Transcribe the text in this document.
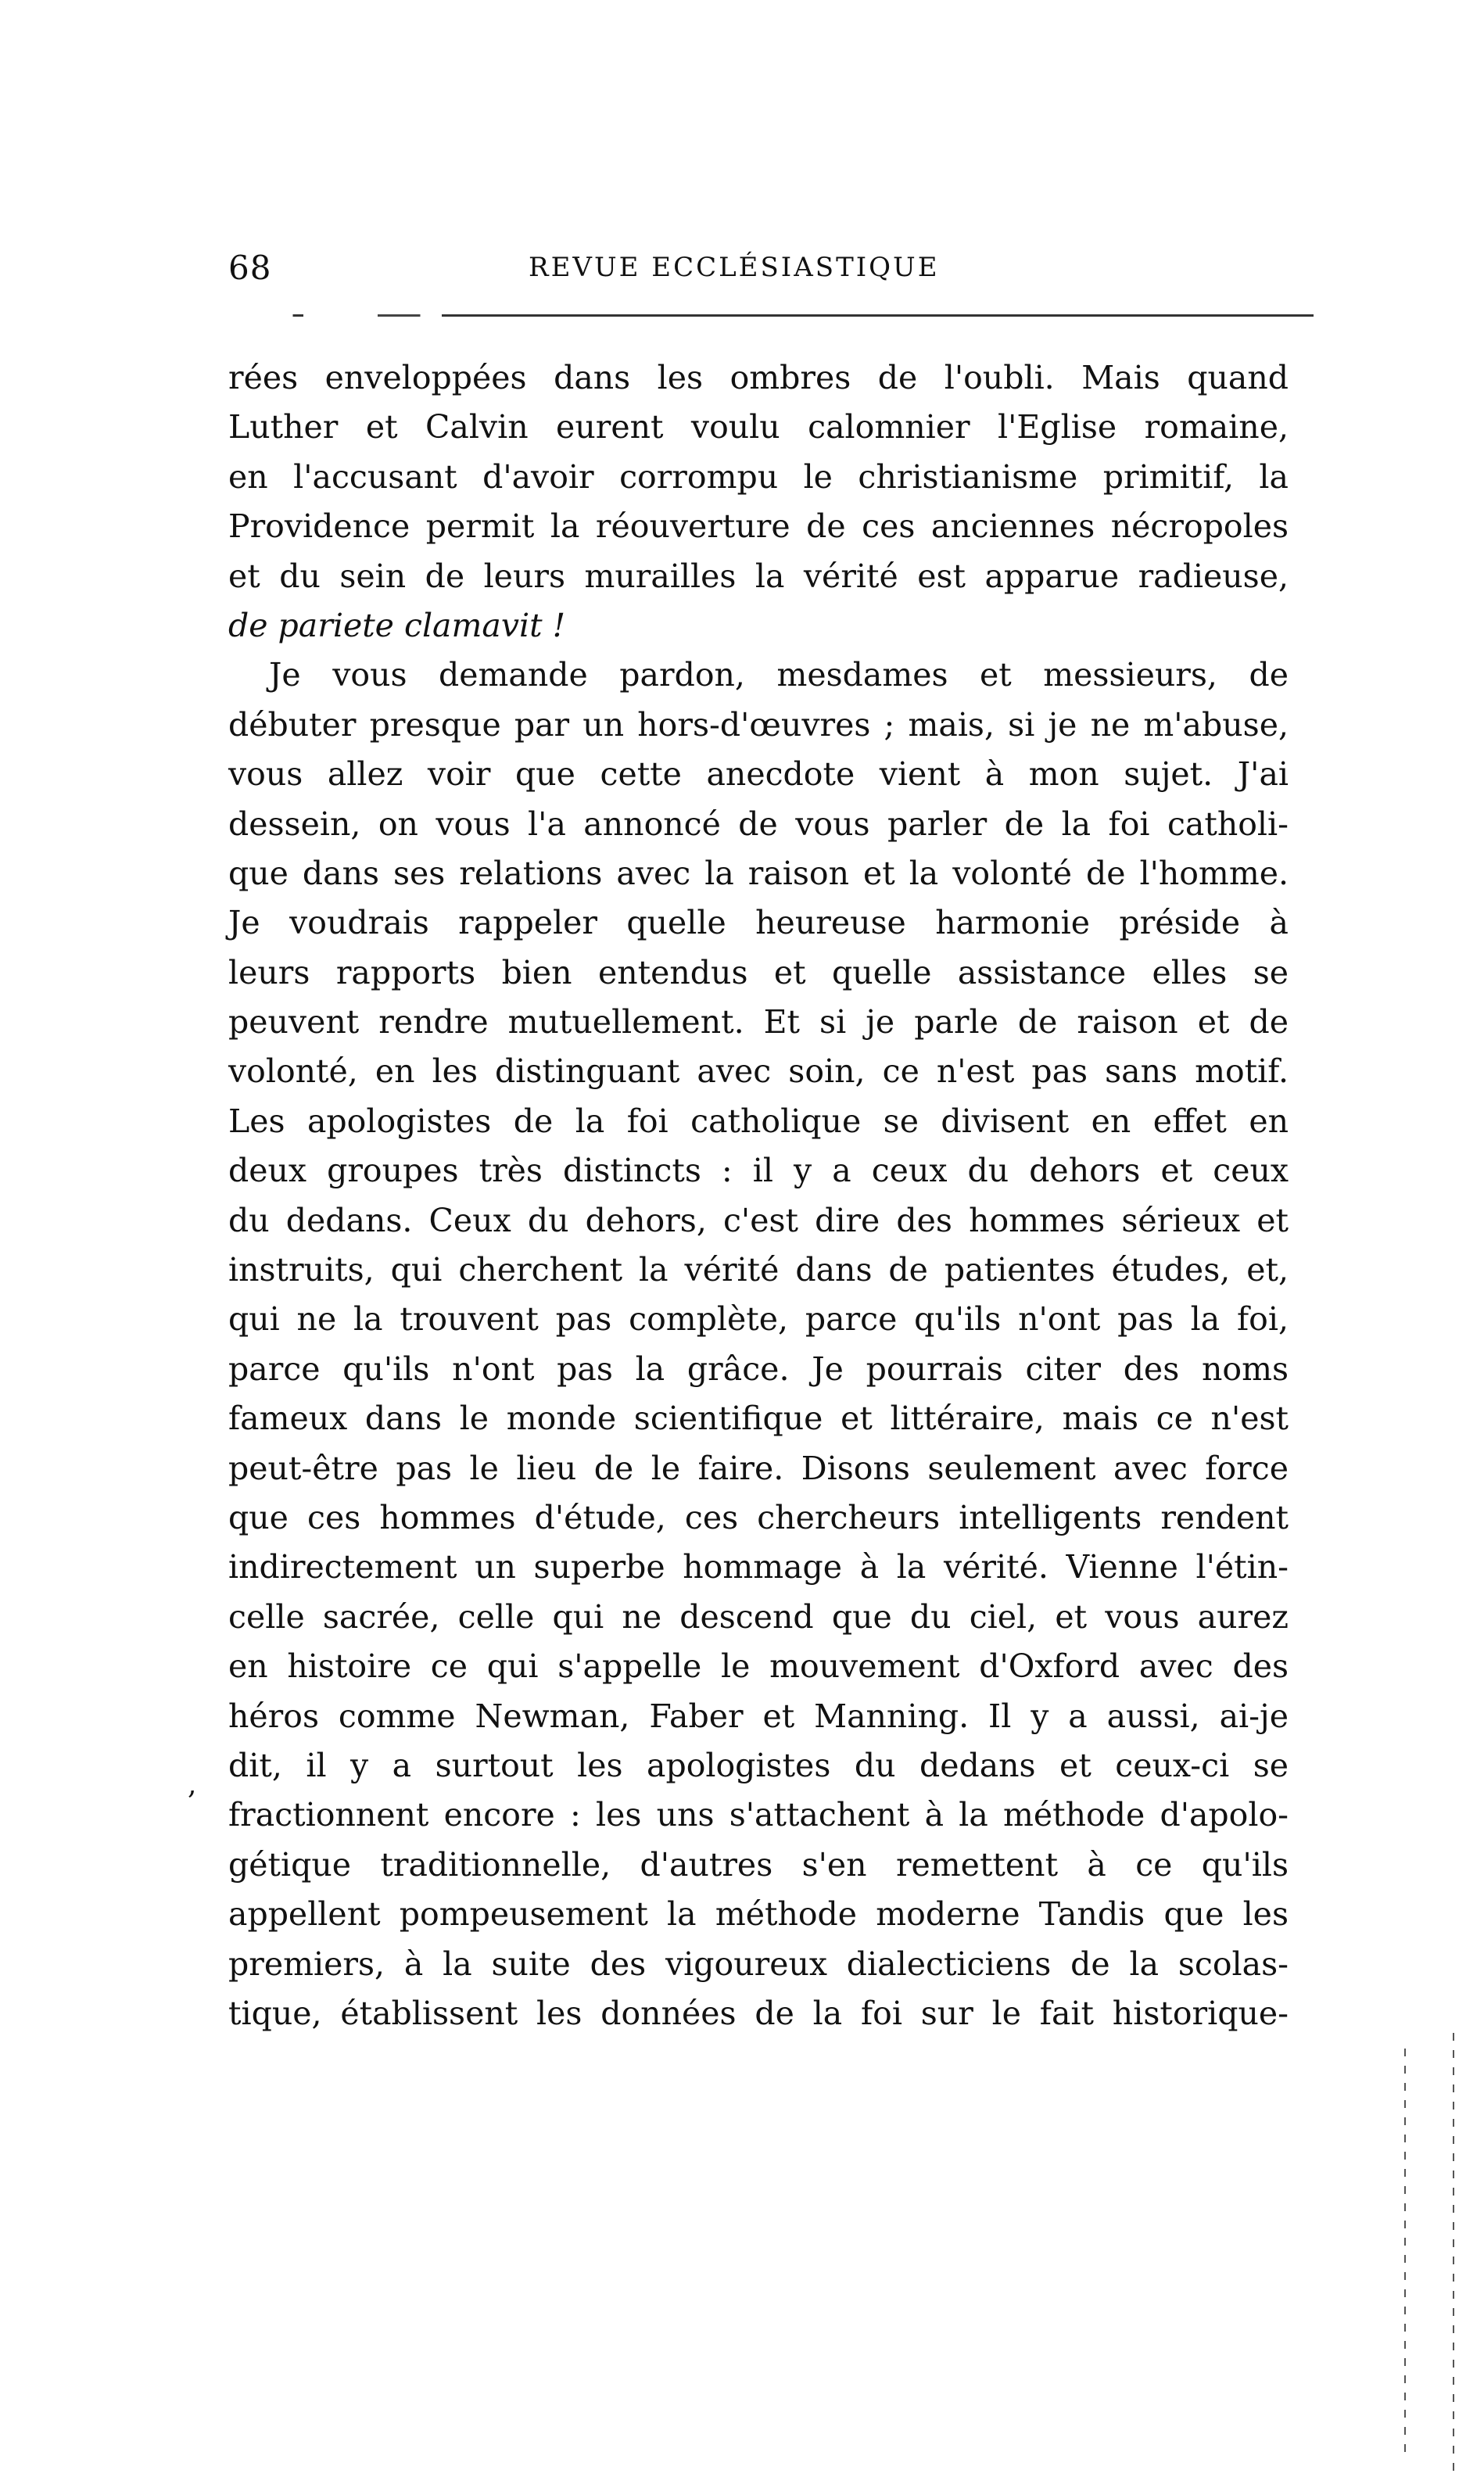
68	REVUE ECCLÉSIASTIQUE
rées enveloppées dans les ombres de l'oubli. Mais quand
Luther et Calvin eurent voulu calomnier l'Eglise romaine,
en l'accusant d'avoir corrompu le christianisme primitif, la
Providence permit la réouverture de ces anciennes nécropoles
et du sein de leurs murailles la vérité est apparue radieuse,
de pariete clamavit !
Je vous demande pardon, mesdames et messieurs, de
débuter presque par un hors-d'œuvres ; mais, si je ne m'abuse,
vous allez voir que cette anecdote vient à mon sujet. J'ai
dessein, on vous l'a annoncé de vous parler de la foi catholi-
que dans ses relations avec la raison et la volonté de l'homme.
Je voudrais rappeler quelle heureuse harmonie préside à
leurs rapports bien entendus et quelle assistance elles se
peuvent rendre mutuellement. Et si je parle de raison et de
volonté, en les distinguant avec soin, ce n'est pas sans motif.
Les apologistes de la foi catholique se divisent en effet en
deux groupes très distincts : il y a ceux du dehors et ceux
du dedans. Ceux du dehors, c'est dire des hommes sérieux et
instruits, qui cherchent la vérité dans de patientes études, et,
qui ne la trouvent pas complète, parce qu'ils n'ont pas la foi,
parce qu'ils n'ont pas la grâce. Je pourrais citer des noms
fameux dans le monde scientifique et littéraire, mais ce n'est
peut-être pas le lieu de le faire. Disons seulement avec force
que ces hommes d'étude, ces chercheurs intelligents rendent
indirectement un superbe hommage à la vérité. Vienne l'étin-
celle sacrée, celle qui ne descend que du ciel, et vous aurez
en histoire ce qui s'appelle le mouvement d'Oxford avec des
héros comme Newman, Faber et Manning. Il y a aussi, ai-je
dit, il y a surtout les apologistes du dedans et ceux-ci se
fractionnent encore : les uns s'attachent à la méthode d'apolo-
gétique traditionnelle, d'autres s'en remettent à ce qu'ils
appellent pompeusement la méthode moderne Tandis que les
premiers, à la suite des vigoureux dialecticiens de la scolas-
tique, établissent les données de la foi sur le fait historique-
,
